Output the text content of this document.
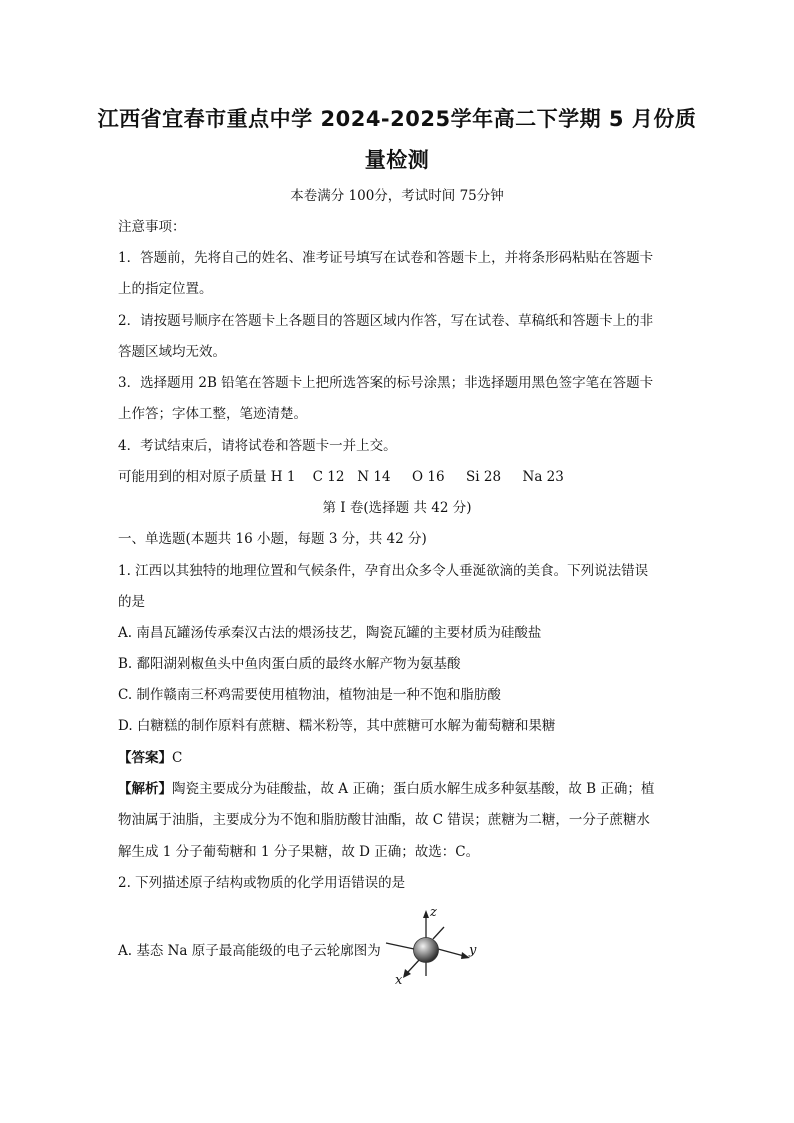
江西省宜春市重点中学 2024-2025学年高二下学期 5 月份质
量检测
本卷满分 100分，考试时间 75分钟
注意事项：
1．答题前，先将自己的姓名、准考证号填写在试卷和答题卡上，并将条形码粘贴在答题卡
上的指定位置。
2．请按题号顺序在答题卡上各题目的答题区域内作答，写在试卷、草稿纸和答题卡上的非
答题区域均无效。
3．选择题用 2B 铅笔在答题卡上把所选答案的标号涂黑；非选择题用黑色签字笔在答题卡
上作答；字体工整，笔迹清楚。
4．考试结束后，请将试卷和答题卡一并上交。
可能用到的相对原子质量 H 1    C 12   N 14     O 16     Si 28     Na 23
第 I 卷(选择题 共 42 分)
一、单选题(本题共 16 小题，每题 3 分，共 42 分)
1. 江西以其独特的地理位置和气候条件，孕育出众多令人垂涎欲滴的美食。下列说法错误
的是
A. 南昌瓦罐汤传承秦汉古法的煨汤技艺，陶瓷瓦罐的主要材质为硅酸盐
B. 鄱阳湖剁椒鱼头中鱼肉蛋白质的最终水解产物为氨基酸
C. 制作赣南三杯鸡需要使用植物油，植物油是一种不饱和脂肪酸
D. 白糖糕的制作原料有蔗糖、糯米粉等，其中蔗糖可水解为葡萄糖和果糖
【答案】C
【解析】陶瓷主要成分为硅酸盐，故 A 正确；蛋白质水解生成多种氨基酸，故 B 正确；植
物油属于油脂，主要成分为不饱和脂肪酸甘油酯，故 C 错误；蔗糖为二糖，一分子蔗糖水
解生成 1 分子葡萄糖和 1 分子果糖，故 D 正确；故选：C。
2. 下列描述原子结构或物质的化学用语错误的是
A. 基态 Na 原子最高能级的电子云轮廓图为
z
y
x
